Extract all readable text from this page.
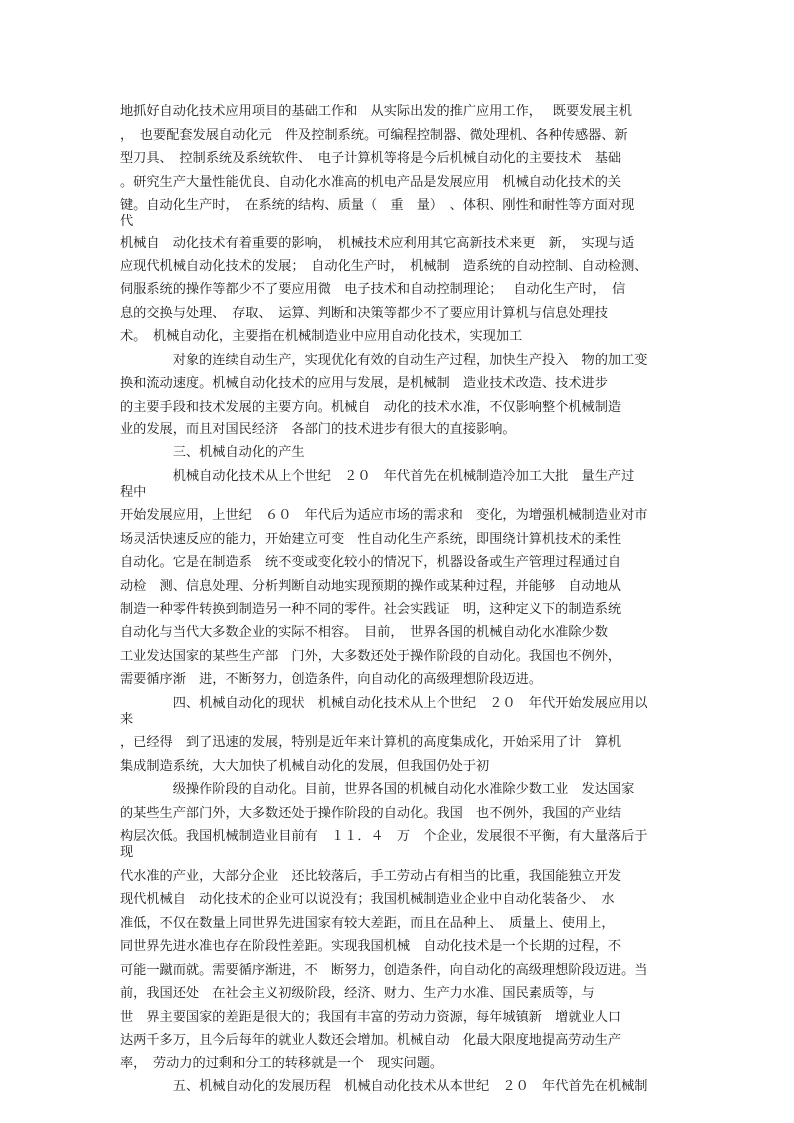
地抓好自动化技术应用项目的基础工作和　从实际出发的推广应用工作，　 既要发展主机
，　也要配套发展自动化元　件及控制系统。可编程控制器、微处理机、各种传感器、新
型刀具、　控制系统及系统软件、　电子计算机等将是今后机械自动化的主要技术　基础
。研究生产大量性能优良、自动化水准高的机电产品是发展应用　机械自动化技术的关
键。自动化生产时，　在系统的结构、质量（　重　量）　、体积、刚性和耐性等方面对现
代
机械自　动化技术有着重要的影响，　机械技术应利用其它高新技术来更　新，　实现与适
应现代机械自动化技术的发展；　自动化生产时，　机械制　造系统的自动控制、自动检测、
伺服系统的操作等都少不了要应用微　电子技术和自动控制理论；　 自动化生产时，　信
息的交换与处理、　存取、　运算、判断和决策等都少不了要应用计算机与信息处理技
术。　机械自动化，主要指在机械制造业中应用自动化技术，实现加工
　　　　对象的连续自动生产，实现优化有效的自动生产过程，加快生产投入　物的加工变
换和流动速度。机械自动化技术的应用与发展，是机械制　造业技术改造、技术进步
的主要手段和技术发展的主要方向。机械自　动化的技术水准，不仅影响整个机械制造
业的发展，而且对国民经济　各部门的技术进步有很大的直接影响。
　　　　三、机械自动化的产生
　　　　机械自动化技术从上个世纪　２０　年代首先在机械制造冷加工大批　量生产过
程中
开始发展应用，上世纪　６０　年代后为适应市场的需求和　变化，为增强机械制造业对市
场灵活快速反应的能力，开始建立可变　性自动化生产系统，即围绕计算机技术的柔性
自动化。它是在制造系　统不变或变化较小的情况下，机器设备或生产管理过程通过自
动检　测、信息处理、分析判断自动地实现预期的操作或某种过程，并能够　自动地从
制造一种零件转换到制造另一种不同的零件。社会实践证　明，这种定义下的制造系统
自动化与当代大多数企业的实际不相容。　目前，　世界各国的机械自动化水准除少数
工业发达国家的某些生产部　门外，大多数还处于操作阶段的自动化。我国也不例外，
需要循序渐　进，不断努力，创造条件，向自动化的高级理想阶段迈进。
　　　　四、机械自动化的现状　机械自动化技术从上个世纪　２０　年代开始发展应用以
来
，已经得　到了迅速的发展，特别是近年来计算机的高度集成化，开始采用了计　算机
集成制造系统，大大加快了机械自动化的发展，但我国仍处于初
　　　　级操作阶段的自动化。目前，世界各国的机械自动化水准除少数工业　发达国家
的某些生产部门外，大多数还处于操作阶段的自动化。我国　也不例外，我国的产业结
构层次低。我国机械制造业目前有　１１．４　万　个企业，发展很不平衡，有大量落后于
现
代水准的产业，大部分企业　还比较落后，手工劳动占有相当的比重，我国能独立开发
现代机械自　动化技术的企业可以说没有；我国机械制造业企业中自动化装备少、　水
准低，不仅在数量上同世界先进国家有较大差距，而且在品种上、　质量上、使用上，
同世界先进水准也存在阶段性差距。实现我国机械　自动化技术是一个长期的过程，不
可能一蹴而就。需要循序渐进，不　断努力，创造条件，向自动化的高级理想阶段迈进。当
前，我国还处　在社会主义初级阶段，经济、财力、生产力水准、国民素质等，与
世　界主要国家的差距是很大的；我国有丰富的劳动力资源，每年城镇新　增就业人口
达两千多万，且今后每年的就业人数还会增加。机械自动　化最大限度地提高劳动生产
率，　劳动力的过剩和分工的转移就是一个　现实问题。
　　　　五、机械自动化的发展历程　机械自动化技术从本世纪　２０　年代首先在机械制
